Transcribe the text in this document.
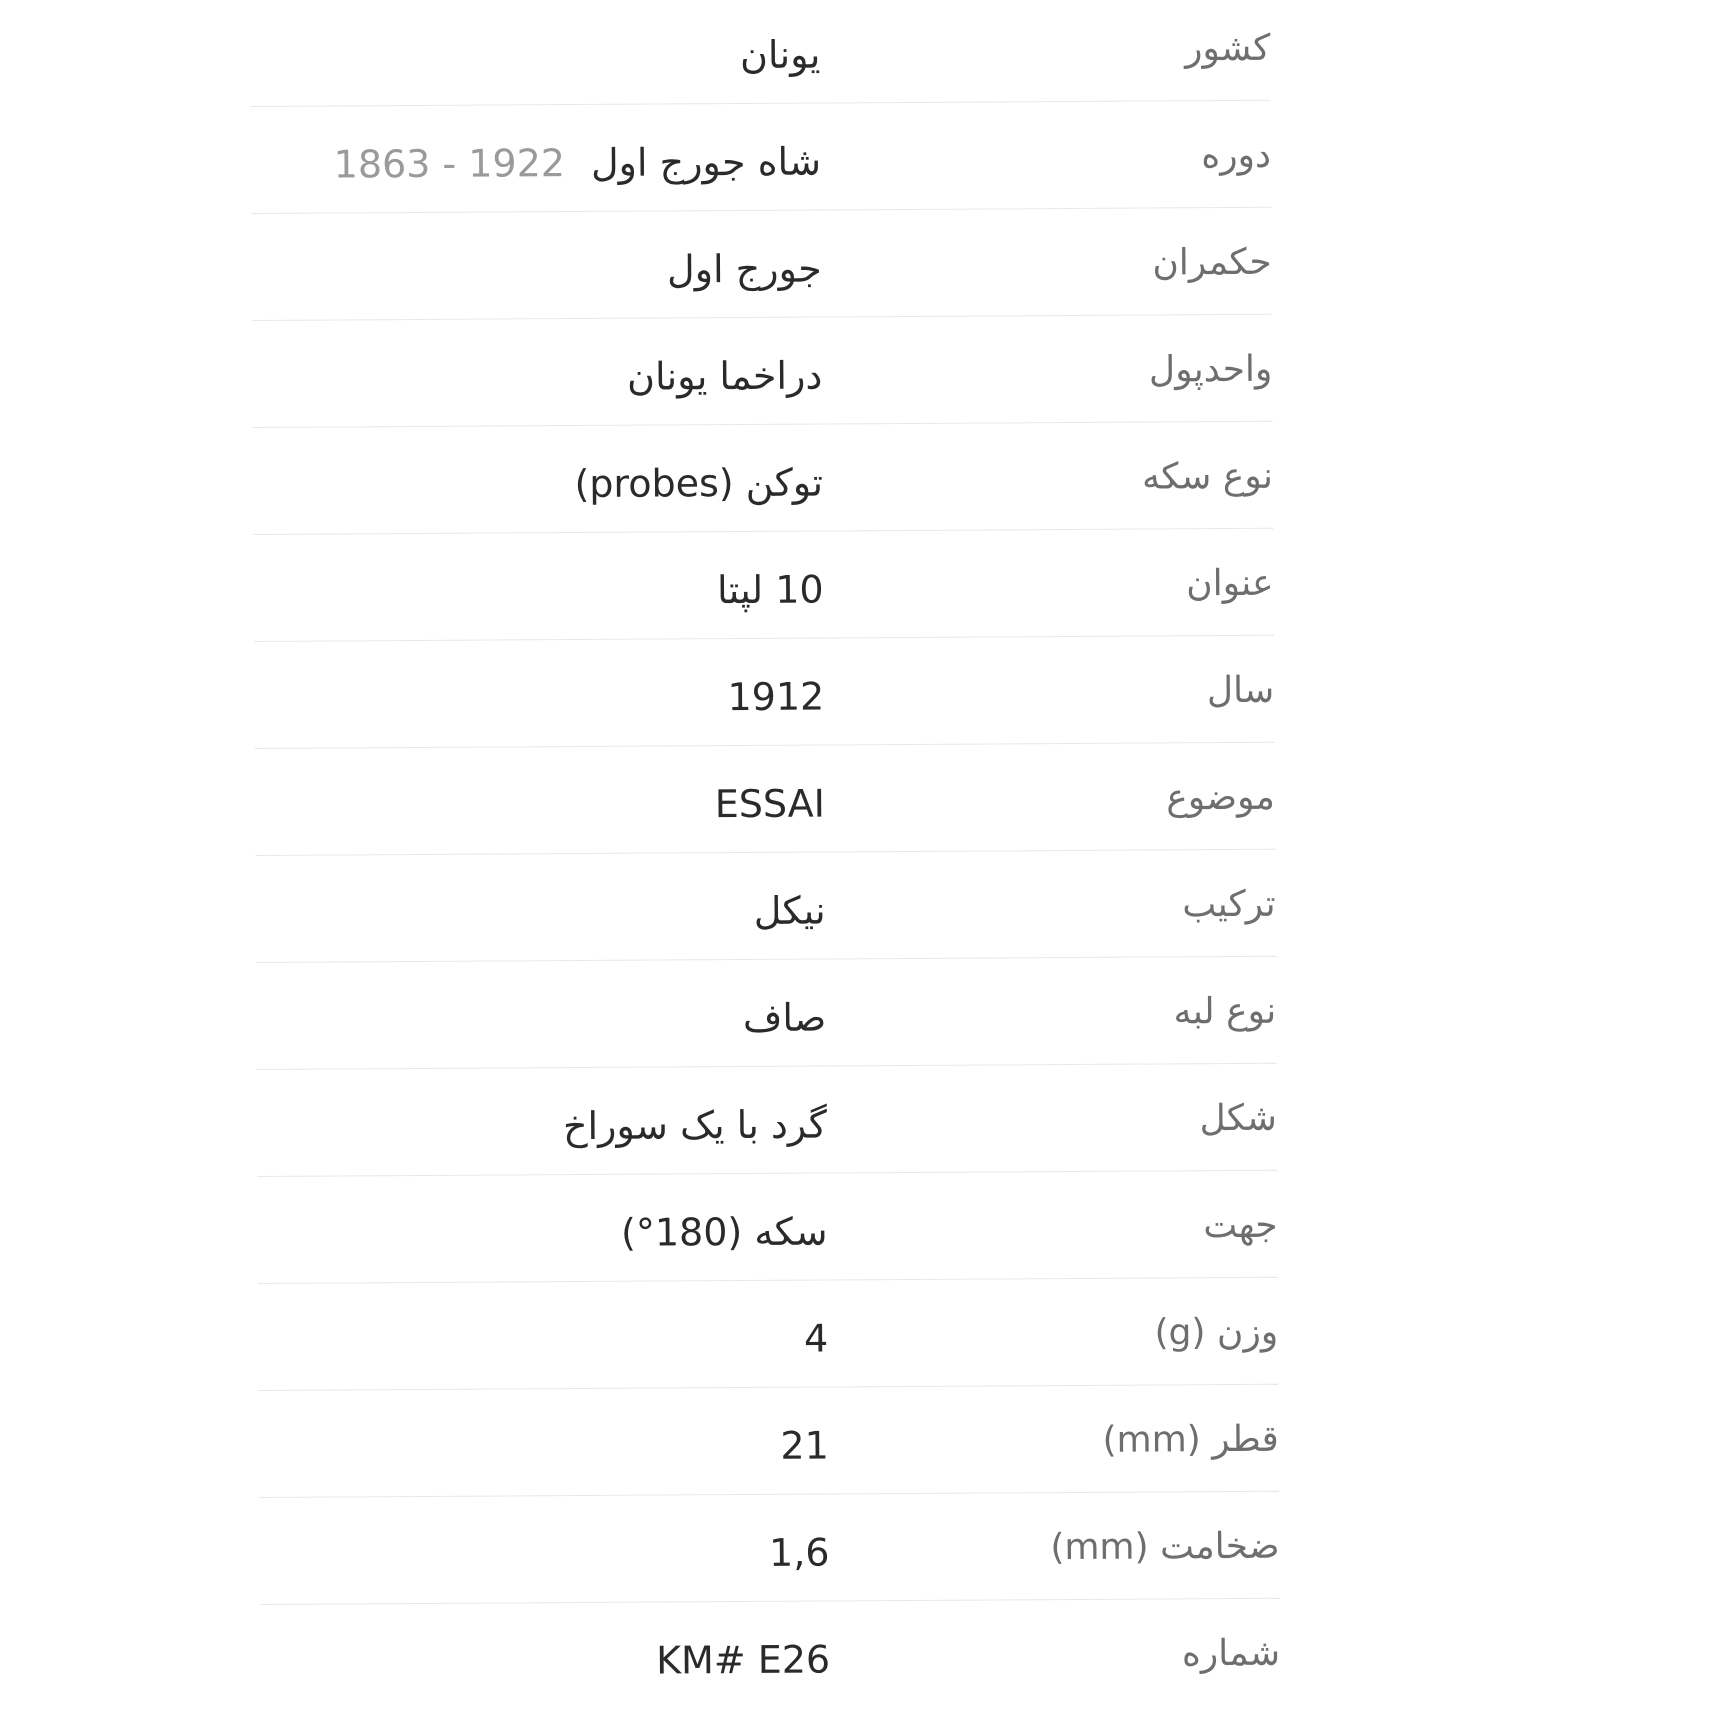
کشور
یونان
دوره
شاه جورج اول1863 - 1922
حکمران
جورج اول
واحدپول
دراخما یونان
نوع سکه
توکن (probes)
عنوان
10 لپتا
سال
1912
موضوع
ESSAI
ترکیب
نیکل
نوع لبه
صاف
شکل
گرد با یک سوراخ
جهت
سکه (180°)
وزن (g)
4
قطر (mm)
21
ضخامت (mm)
1,6
شماره
KM# E26
